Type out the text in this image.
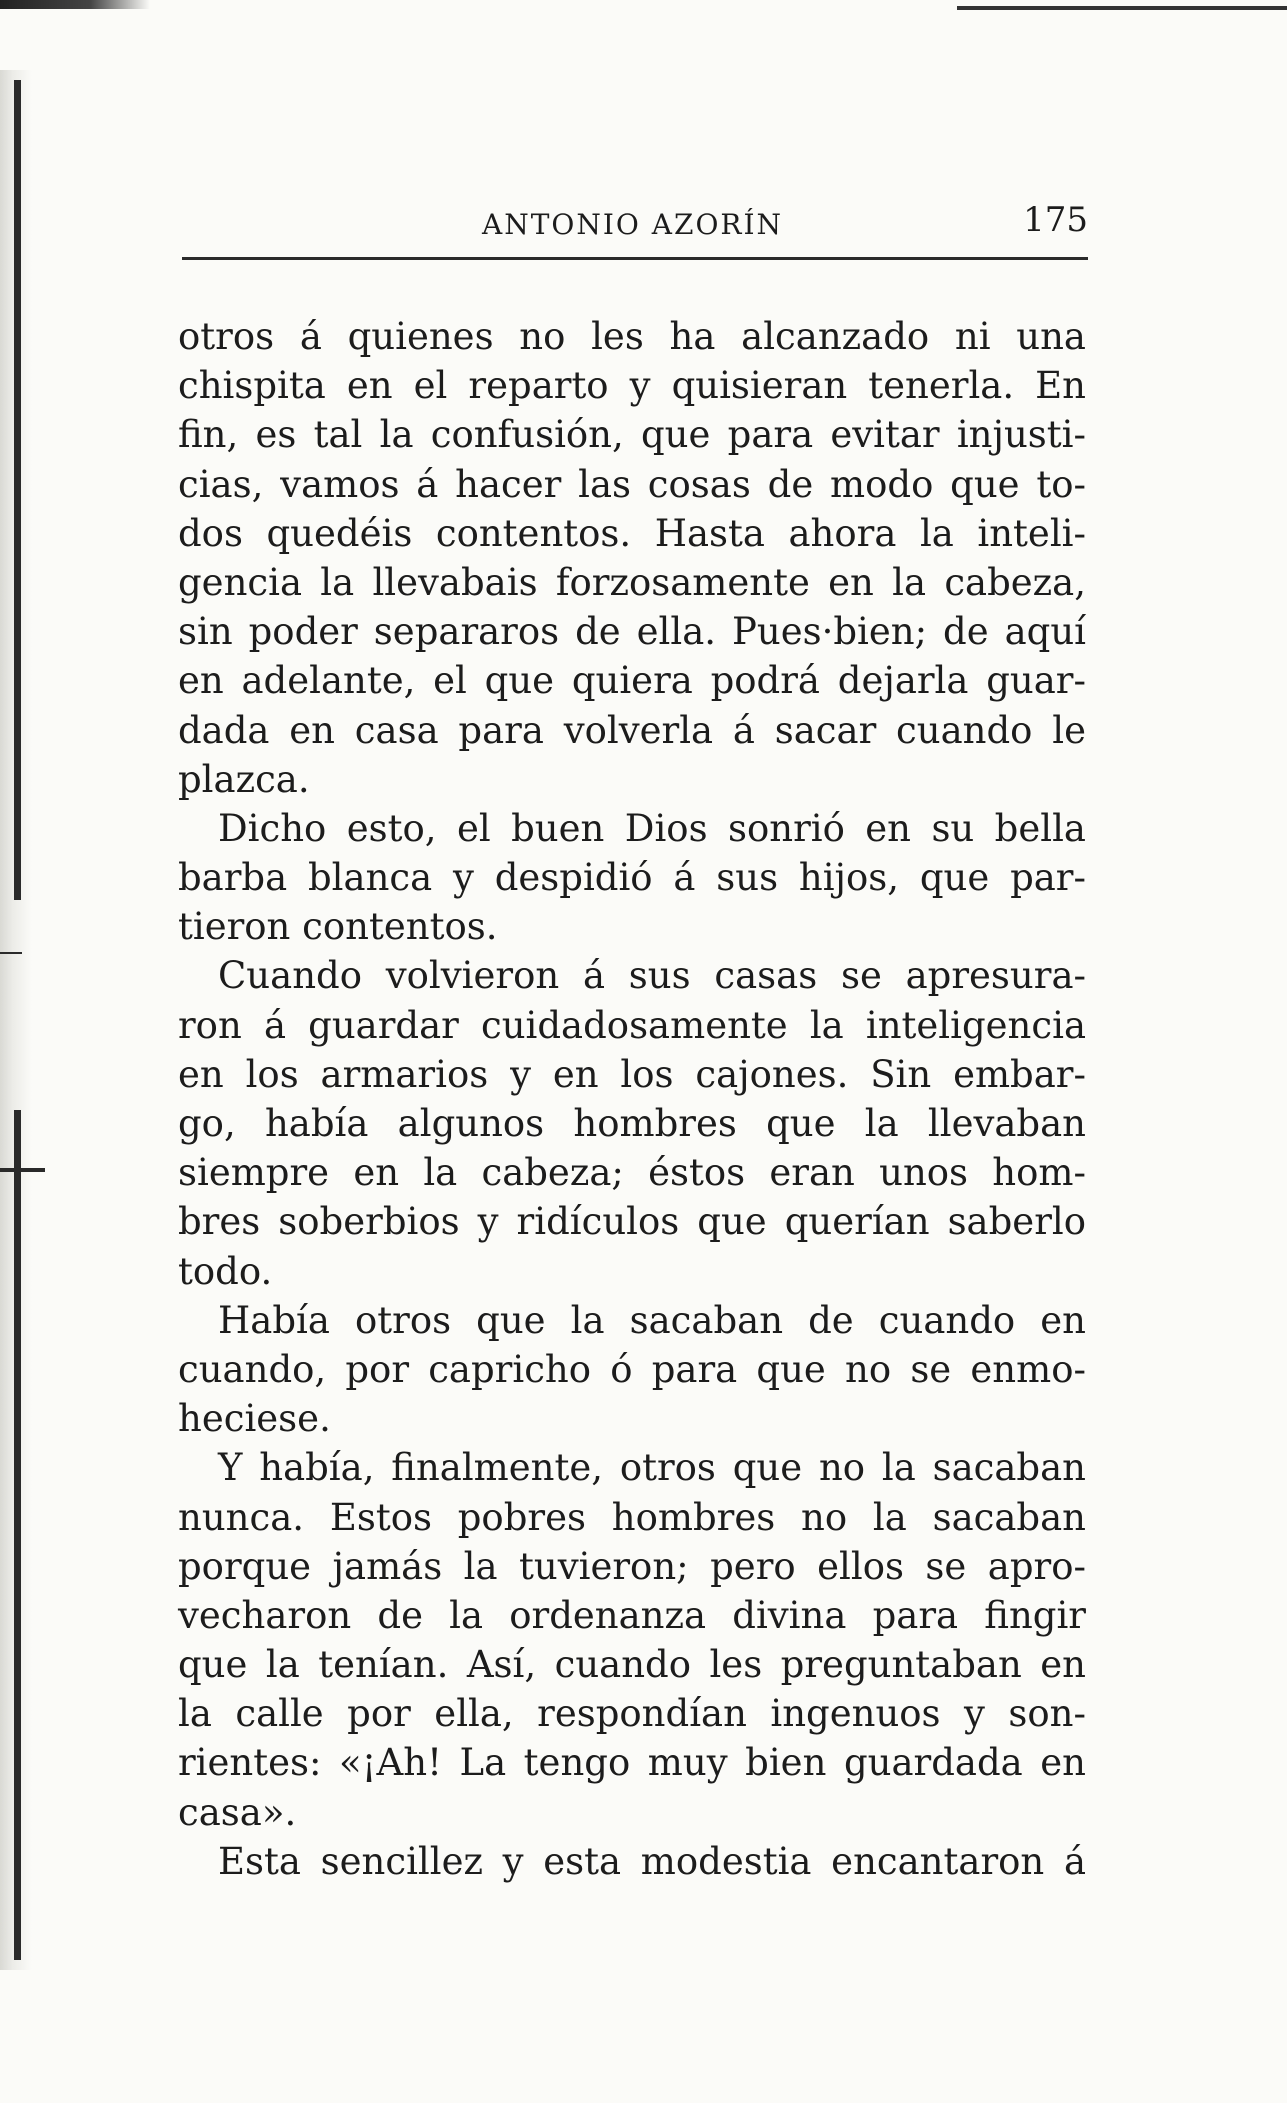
ANTONIO AZORÍN	175
otros á quienes no les ha alcanzado ni una
chispita en el reparto y quisieran tenerla. En
fin, es tal la confusión, que para evitar injusti-
cias, vamos á hacer las cosas de modo que to-
dos quedéis contentos. Hasta ahora la inteli-
gencia la llevabais forzosamente en la cabeza,
sin poder separaros de ella. Pues·bien; de aquí
en adelante, el que quiera podrá dejarla guar-
dada en casa para volverla á sacar cuando le
plazca.
Dicho esto, el buen Dios sonrió en su bella
barba blanca y despidió á sus hijos, que par-
tieron contentos.
Cuando volvieron á sus casas se apresura-
ron á guardar cuidadosamente la inteligencia
en los armarios y en los cajones. Sin embar-
go, había algunos hombres que la llevaban
siempre en la cabeza; éstos eran unos hom-
bres soberbios y ridículos que querían saberlo
todo.
Había otros que la sacaban de cuando en
cuando, por capricho ó para que no se enmo-
heciese.
Y había, finalmente, otros que no la sacaban
nunca. Estos pobres hombres no la sacaban
porque jamás la tuvieron; pero ellos se apro-
vecharon de la ordenanza divina para fingir
que la tenían. Así, cuando les preguntaban en
la calle por ella, respondían ingenuos y son-
rientes: «¡Ah! La tengo muy bien guardada en
casa».
Esta sencillez y esta modestia encantaron á
